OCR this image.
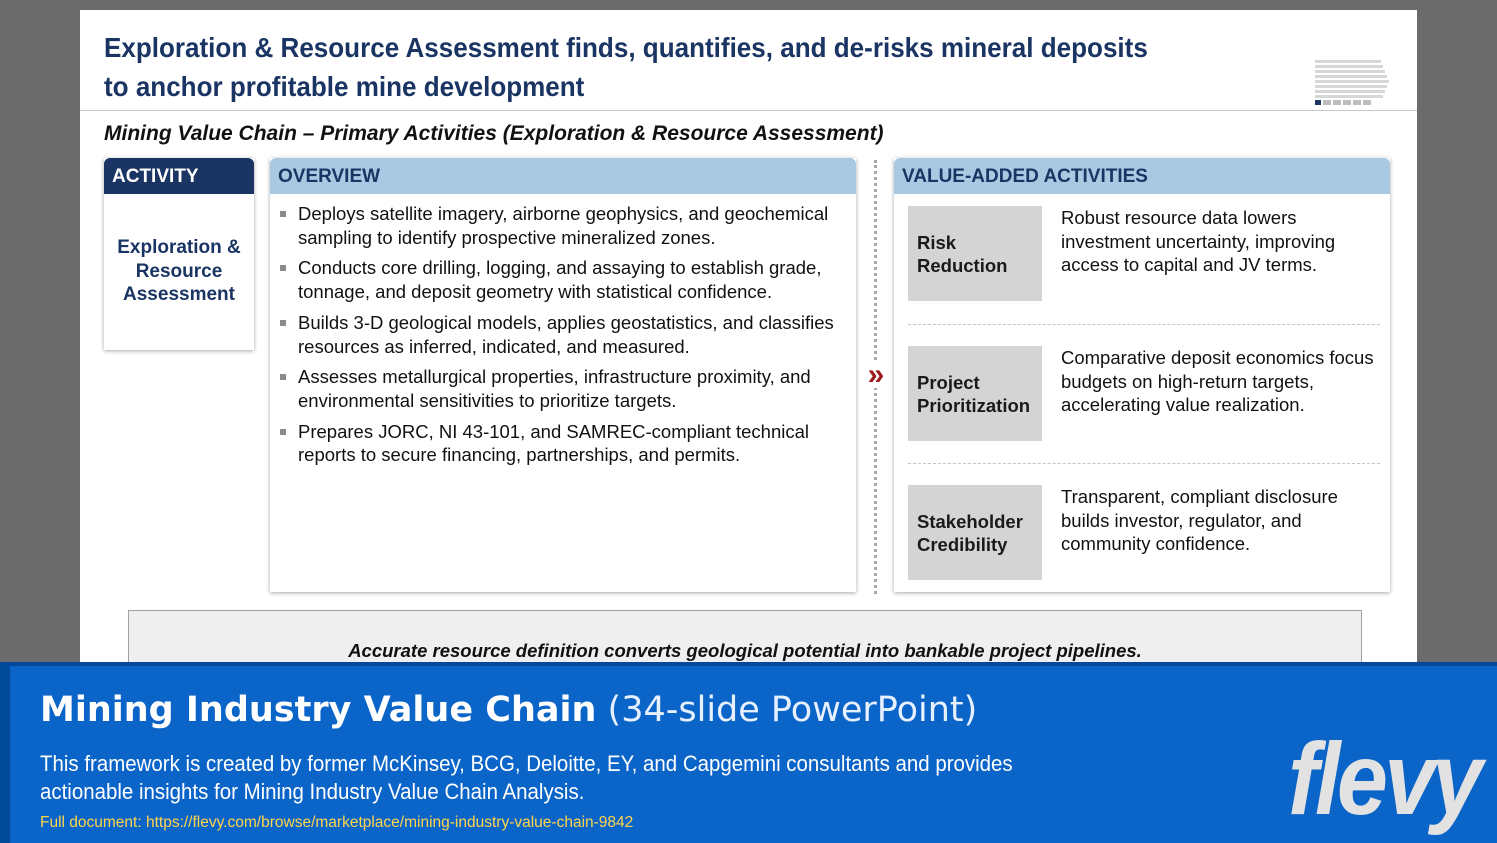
Exploration & Resource Assessment finds, quantifies, and de-risks mineral deposits
to anchor profitable mine development
Mining Value Chain – Primary Activities (Exploration & Resource Assessment)
ACTIVITY
Exploration &
Resource
Assessment
OVERVIEW
Deploys satellite imagery, airborne geophysics, and geochemical sampling to identify prospective mineralized zones.
Conducts core drilling, logging, and assaying to establish grade, tonnage, and deposit geometry with statistical confidence.
Builds 3-D geological models, applies geostatistics, and classifies resources as inferred, indicated, and measured.
Assesses metallurgical properties, infrastructure proximity, and environmental sensitivities to prioritize targets.
Prepares JORC, NI 43-101, and SAMREC-compliant technical reports to secure financing, partnerships, and permits.
»
VALUE-ADDED ACTIVITIES
Risk
Reduction
Robust resource data lowers investment uncertainty, improving access to capital and JV terms.
Project
Prioritization
Comparative deposit economics focus budgets on high-return targets, accelerating value realization.
Stakeholder
Credibility
Transparent, compliant disclosure builds investor, regulator, and community confidence.
Accurate resource definition converts geological potential into bankable project pipelines.
Mining Industry Value Chain (34-slide PowerPoint)
This framework is created by former McKinsey, BCG, Deloitte, EY, and Capgemini consultants and provides actionable insights for Mining Industry Value Chain Analysis.
Full document: https://flevy.com/browse/marketplace/mining-industry-value-chain-9842	flevy
